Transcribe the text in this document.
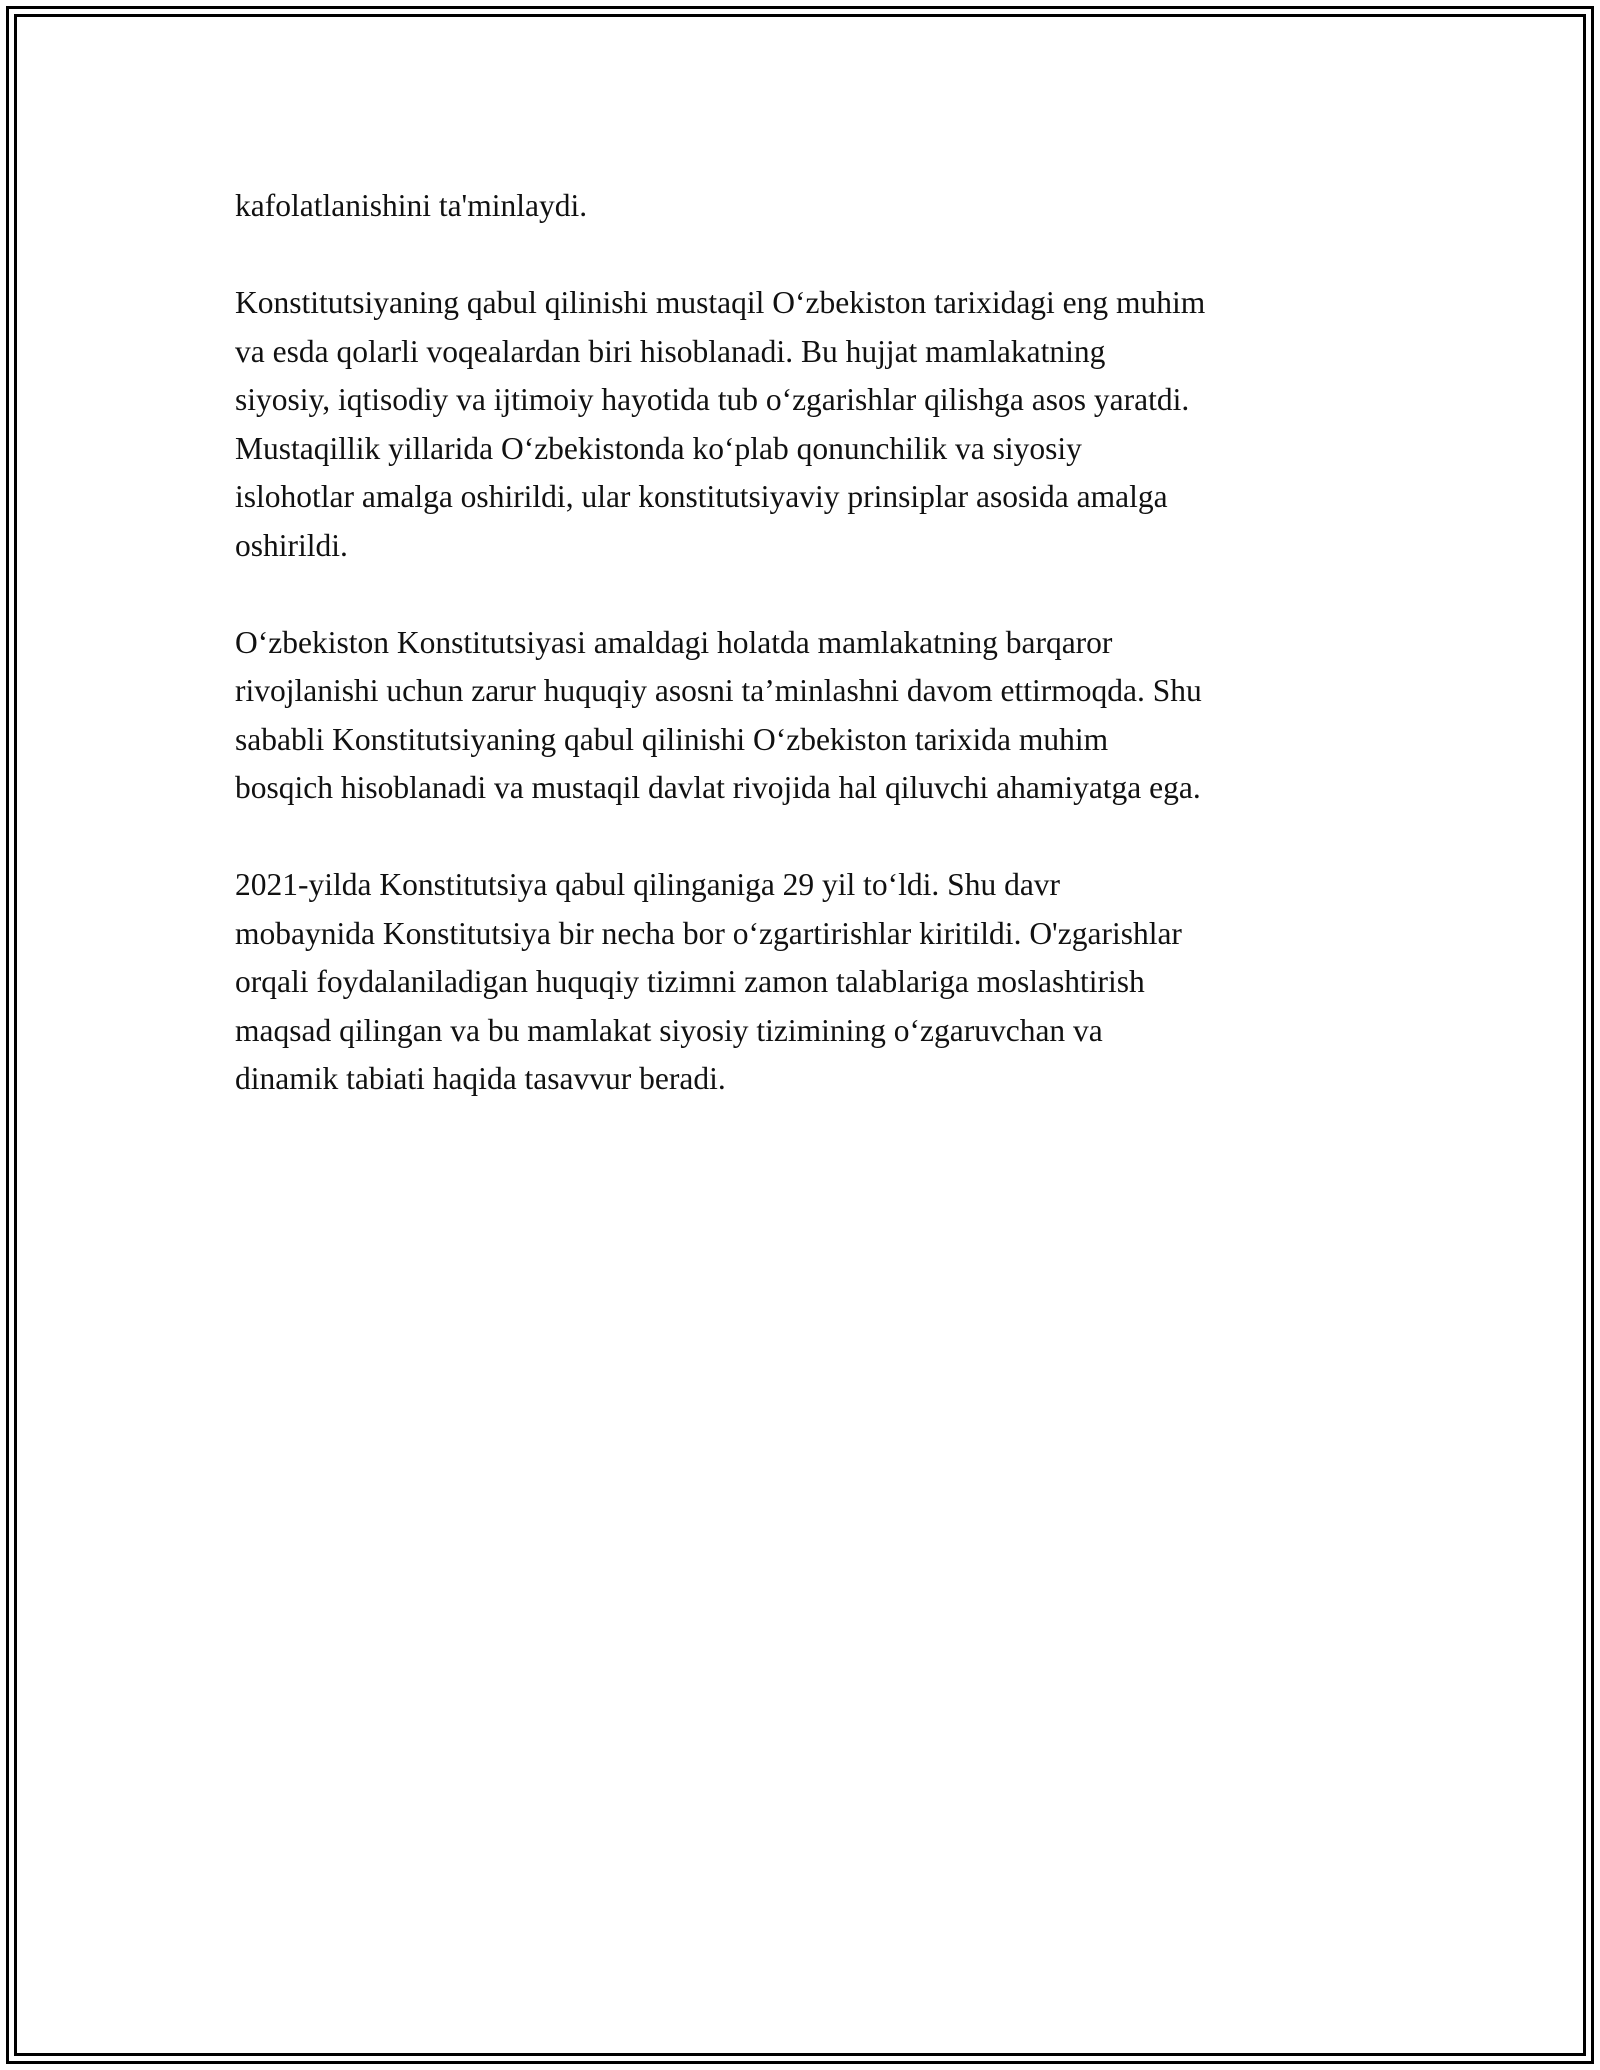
kafolatlanishini ta'minlaydi.

Konstitutsiyaning qabul qilinishi mustaqil O‘zbekiston tarixidagi eng muhim
va esda qolarli voqealardan biri hisoblanadi. Bu hujjat mamlakatning
siyosiy, iqtisodiy va ijtimoiy hayotida tub o‘zgarishlar qilishga asos yaratdi.
Mustaqillik yillarida O‘zbekistonda ko‘plab qonunchilik va siyosiy
islohotlar amalga oshirildi, ular konstitutsiyaviy prinsiplar asosida amalga
oshirildi.

O‘zbekiston Konstitutsiyasi amaldagi holatda mamlakatning barqaror
rivojlanishi uchun zarur huquqiy asosni ta’minlashni davom ettirmoqda. Shu
sababli Konstitutsiyaning qabul qilinishi O‘zbekiston tarixida muhim
bosqich hisoblanadi va mustaqil davlat rivojida hal qiluvchi ahamiyatga ega.

2021-yilda Konstitutsiya qabul qilinganiga 29 yil to‘ldi. Shu davr
mobaynida Konstitutsiya bir necha bor o‘zgartirishlar kiritildi. O'zgarishlar
orqali foydalaniladigan huquqiy tizimni zamon talablariga moslashtirish
maqsad qilingan va bu mamlakat siyosiy tizimining o‘zgaruvchan va
dinamik tabiati haqida tasavvur beradi.
